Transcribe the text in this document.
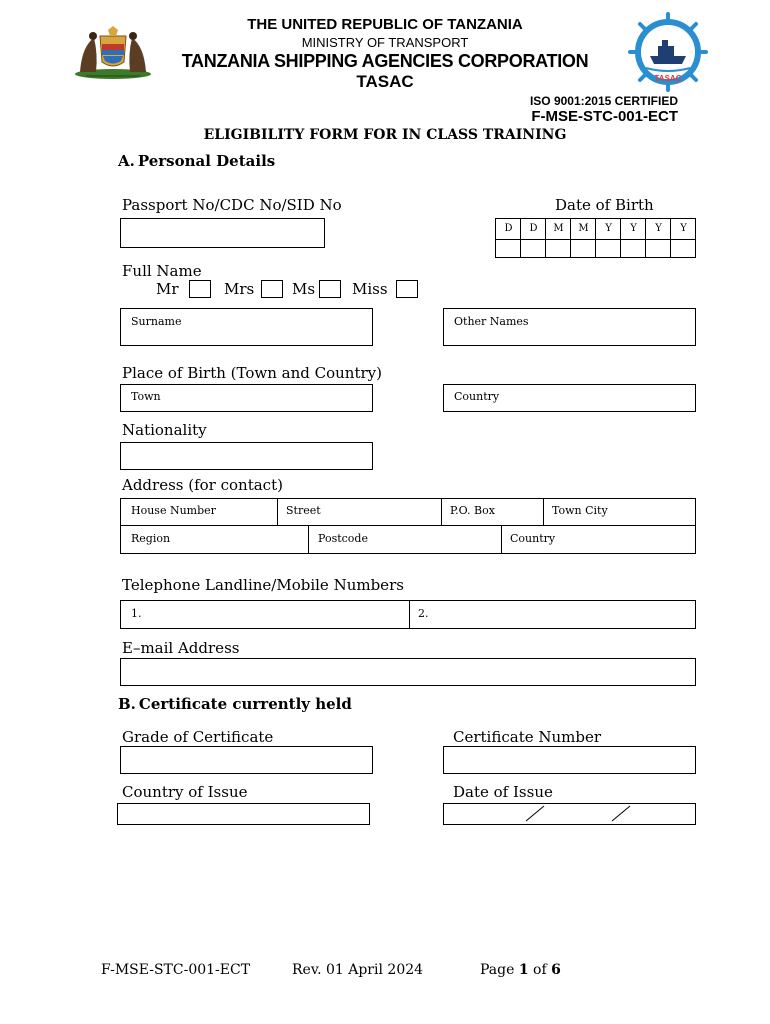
TASAC
THE UNITED REPUBLIC OF TANZANIA
MINISTRY OF TRANSPORT
TANZANIA SHIPPING AGENCIES CORPORATION
TASAC
ISO 9001:2015 CERTIFIED
F-MSE-STC-001-ECT
ELIGIBILITY FORM FOR IN CLASS TRAINING
A. Personal Details
Passport No/CDC No/SID No	Date of Birth
D	D	M	M	Y	Y	Y	Y
Full Name
Mr	Mrs	Ms Miss
Surname	Other Names
Place of Birth (Town and Country)
Town	Country
Nationality
Address (for contact)
House Number	Street	P.O. Box	Town City
Region	Postcode	Country
Telephone Landline/Mobile Numbers
1.	2.
E–mail Address
B. Certificate currently held
Grade of Certificate	Certificate Number
Country of Issue	Date of Issue
F-MSE-STC-001-ECT	Rev. 01 April 2024	Page 1 of 6
